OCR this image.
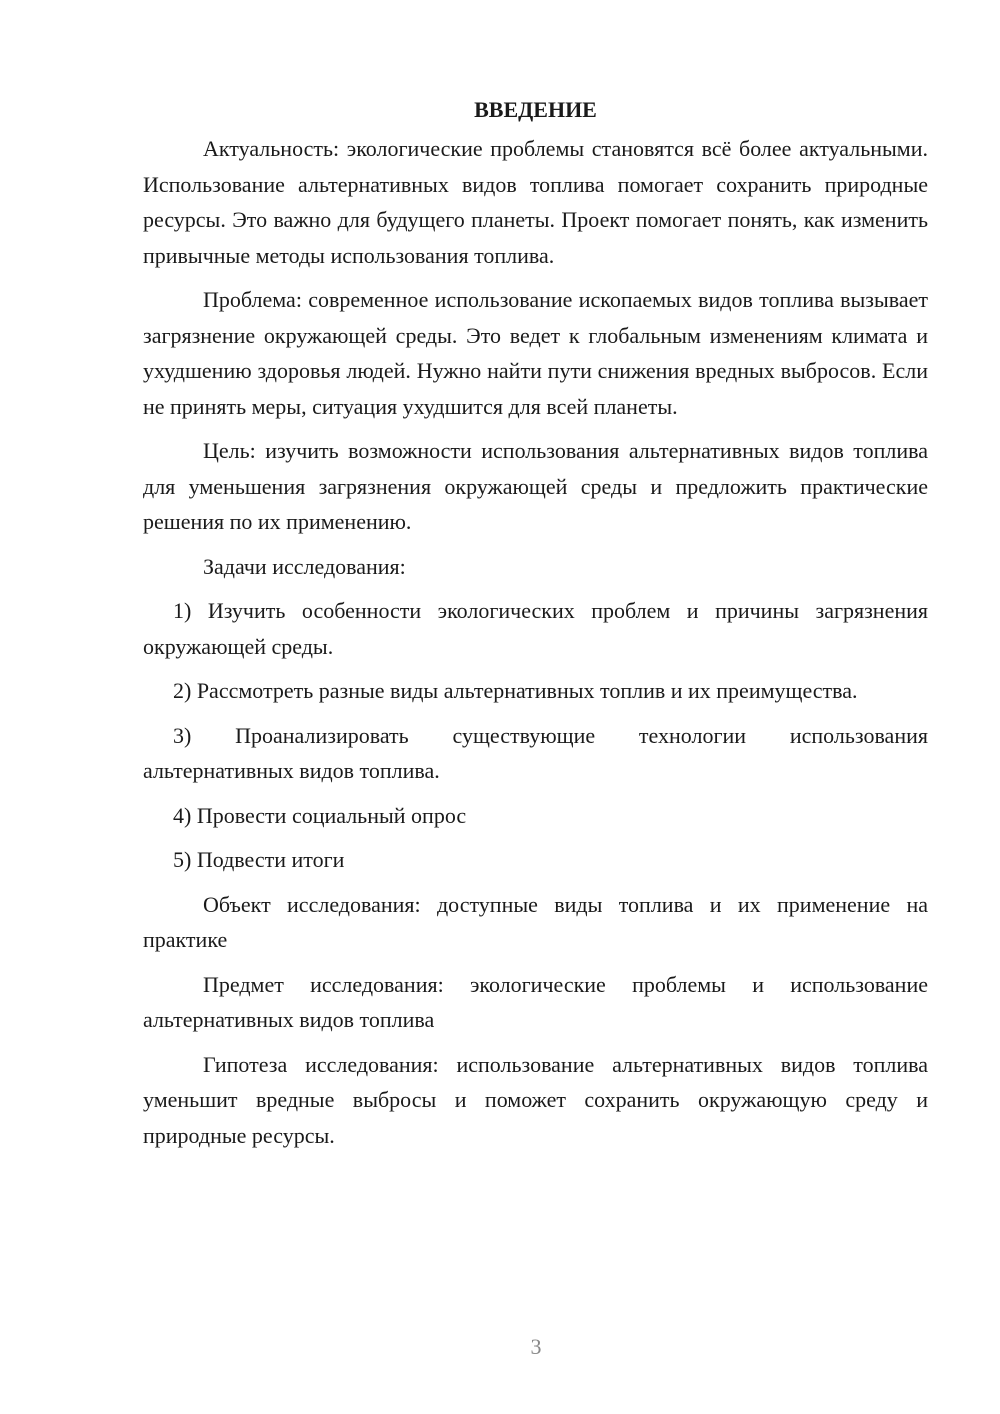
ВВЕДЕНИЕ

Актуальность: экологические проблемы становятся всё более актуальными. Использование альтернативных видов топлива помогает сохранить природные ресурсы. Это важно для будущего планеты. Проект помогает понять, как изменить привычные методы использования топлива.

Проблема: современное использование ископаемых видов топлива вызывает загрязнение окружающей среды. Это ведет к глобальным изменениям климата и ухудшению здоровья людей. Нужно найти пути снижения вредных выбросов. Если не принять меры, ситуация ухудшится для всей планеты.

Цель: изучить возможности использования альтернативных видов топлива для уменьшения загрязнения окружающей среды и предложить практические решения по их применению.

Задачи исследования:

1) Изучить особенности экологических проблем и причины загрязнения окружающей среды.

2) Рассмотреть разные виды альтернативных топлив и их преимущества.

3) Проанализировать существующие технологии использования альтернативных видов топлива.

4) Провести социальный опрос

5) Подвести итоги

Объект исследования: доступные виды топлива и их применение на практике

Предмет исследования: экологические проблемы и использование альтернативных видов топлива

Гипотеза исследования: использование альтернативных видов топлива уменьшит вредные выбросы и поможет сохранить окружающую среду и природные ресурсы.

3
